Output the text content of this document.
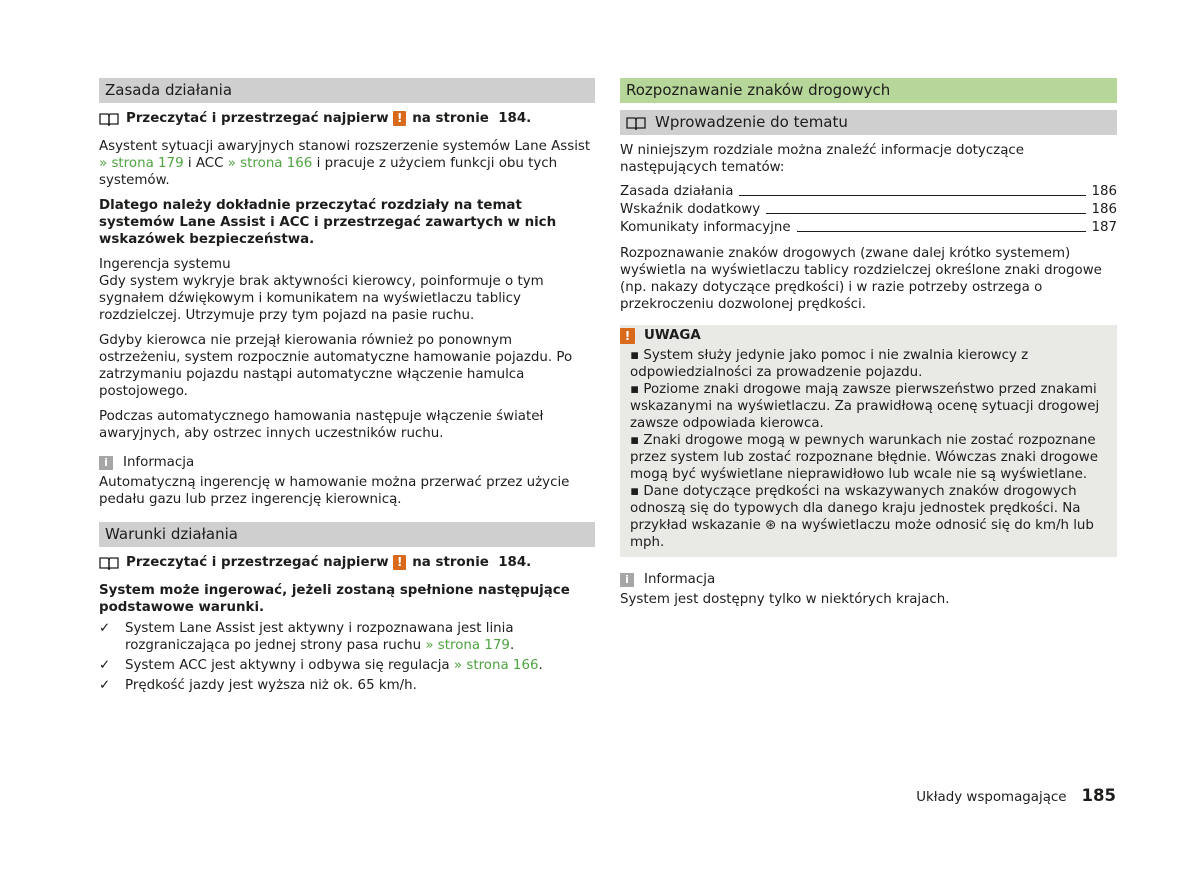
Zasada działania
Przeczytać i przestrzegać najpierw
! na stronie
184.

Asystent sytuacji awaryjnych stanowi rozszerzenie systemów Lane Assist » strona 179 i ACC » strona 166 i pracuje z użyciem funkcji obu tych systemów.

Dlatego należy dokładnie przeczytać rozdziały na temat systemów Lane Assist i ACC i przestrzegać zawartych w nich wskazówek bezpieczeństwa.

Ingerencja systemu

Gdy system wykryje brak aktywności kierowcy, poinformuje o tym sygnałem dźwiękowym i komunikatem na wyświetlaczu tablicy rozdzielczej. Utrzymuje przy tym pojazd na pasie ruchu.

Gdyby kierowca nie przejął kierowania również po ponownym ostrzeżeniu, system rozpocznie automatyczne hamowanie pojazdu. Po zatrzymaniu pojazdu nastąpi automatyczne włączenie hamulca postojowego.

Podczas automatycznego hamowania następuje włączenie świateł awaryjnych, aby ostrzec innych uczestników ruchu.

i	Informacja

Automatyczną ingerencję w hamowanie można przerwać przez użycie pedału gazu lub przez ingerencję kierownicą.

Warunki działania
Przeczytać i przestrzegać najpierw
! na stronie
184.

System może ingerować, jeżeli zostaną spełnione następujące podstawowe warunki.

✓	System Lane Assist jest aktywny i rozpoznawana jest linia rozgraniczająca po jednej strony pasa ruchu » strona 179.
✓	System ACC jest aktywny i odbywa się regulacja » strona 166.
✓	Prędkość jazdy jest wyższa niż ok. 65 km/h.
Rozpoznawanie znaków drogowych
Wprowadzenie do tematu

W niniejszym rozdziale można znaleźć informacje dotyczące następujących tematów:

Zasada działania	186
Wskaźnik dodatkowy	186
Komunikaty informacyjne	187

Rozpoznawanie znaków drogowych (zwane dalej krótko systemem) wyświetla na wyświetlaczu tablicy rozdzielczej określone znaki drogowe (np. nakazy dotyczące prędkości) i w razie potrzeby ostrzega o przekroczeniu dozwolonej prędkości.

!	UWAGA
▪ System służy jedynie jako pomoc i nie zwalnia kierowcy z odpowiedzialności za prowadzenie pojazdu.
▪ Poziome znaki drogowe mają zawsze pierwszeństwo przed znakami wskazanymi na wyświetlaczu. Za prawidłową ocenę sytuacji drogowej zawsze odpowiada kierowca.
▪ Znaki drogowe mogą w pewnych warunkach nie zostać rozpoznane przez system lub zostać rozpoznane błędnie. Wówczas znaki drogowe mogą być wyświetlane nieprawidłowo lub wcale nie są wyświetlane.
▪ Dane dotyczące prędkości na wskazywanych znaków drogowych odnoszą się do typowych dla danego kraju jednostek prędkości. Na przykład wskazanie ⊛ na wyświetlaczu może odnosić się do km/h lub mph.
i	Informacja

System jest dostępny tylko w niektórych krajach.

Układy wspomagające 185
